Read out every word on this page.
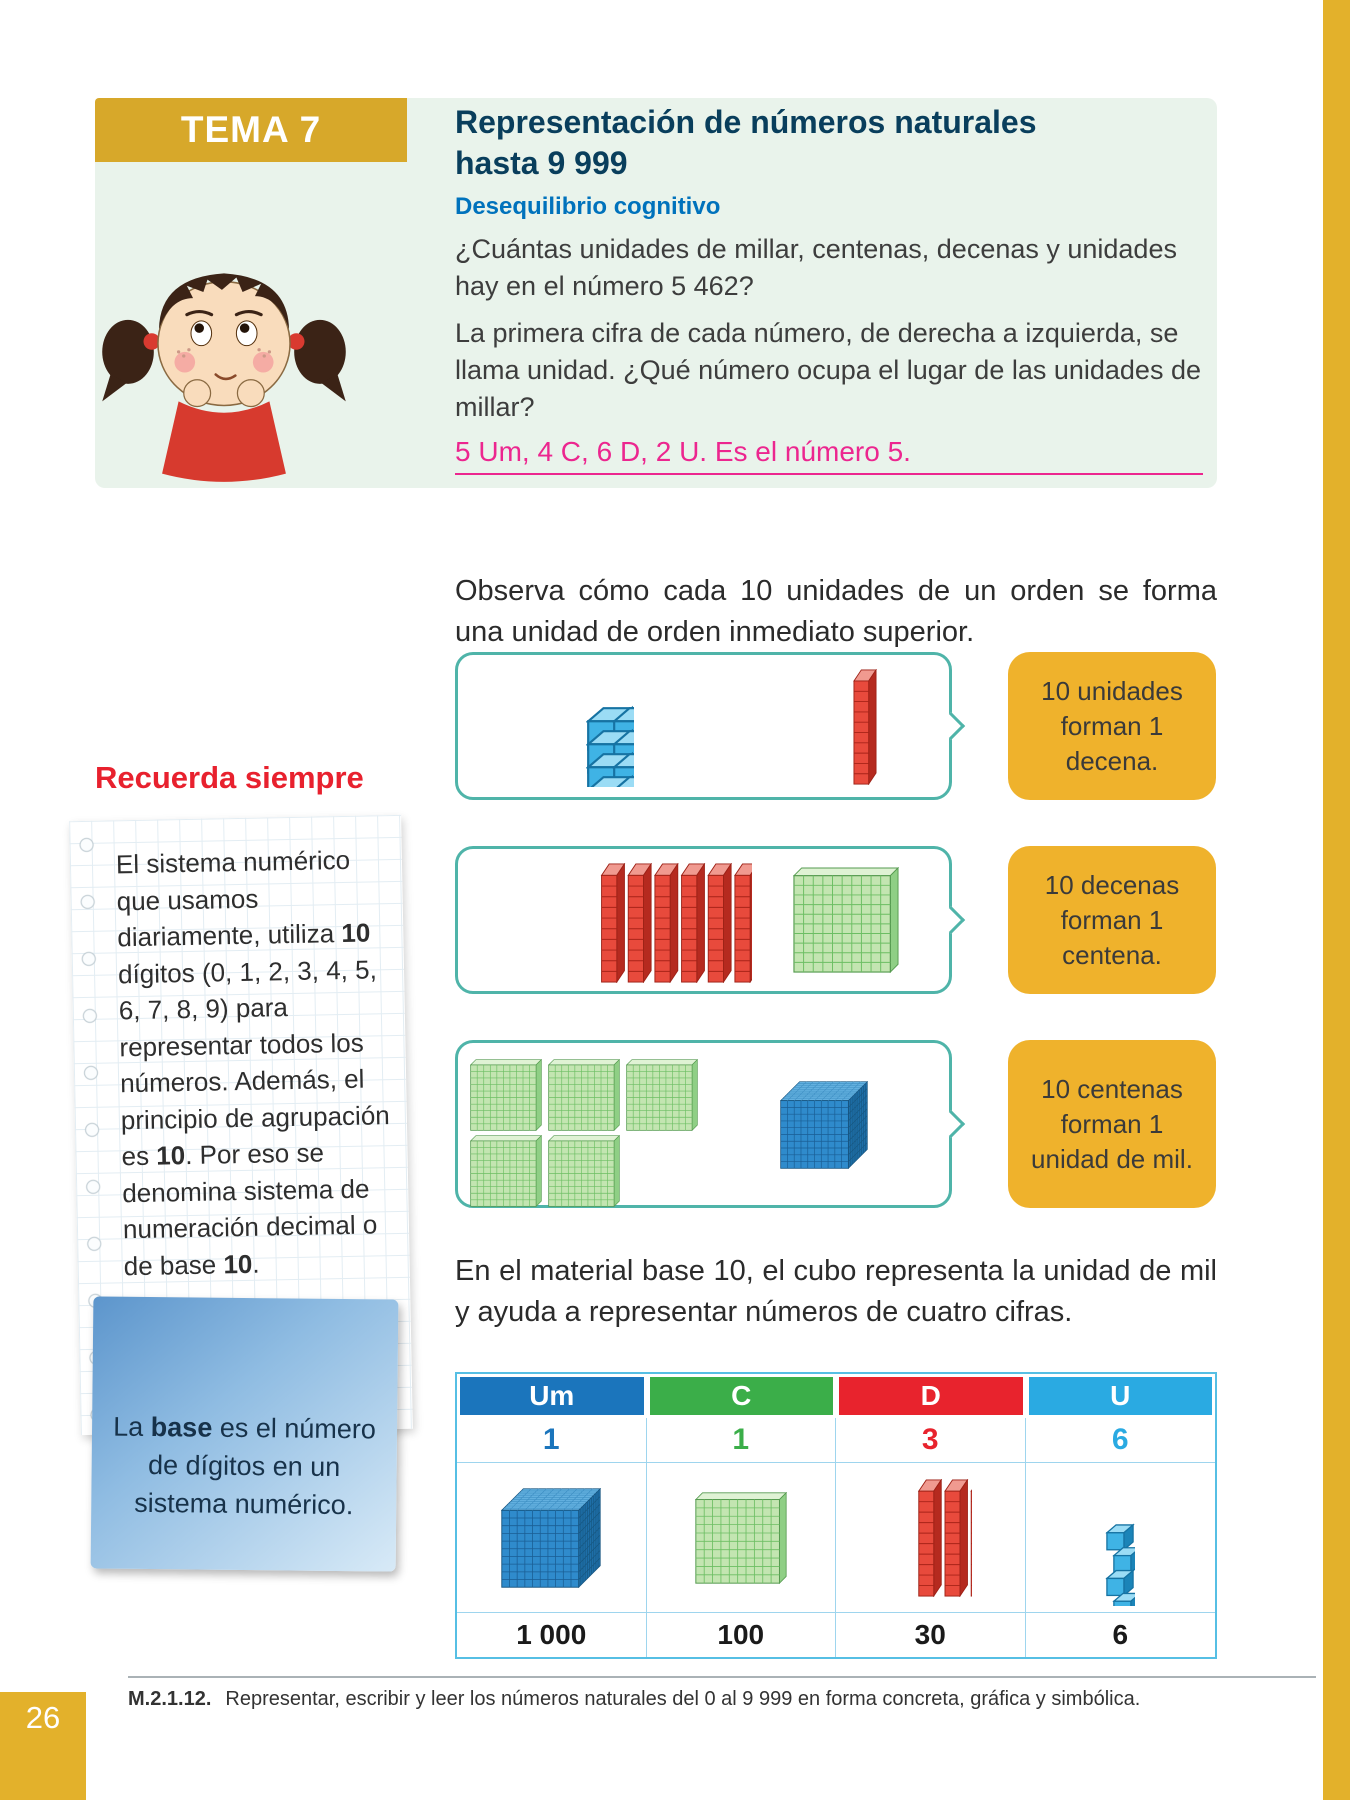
TEMA 7	Representación de números naturales
hasta 9 999
Desequilibrio cognitivo
¿Cuántas unidades de millar, centenas, decenas y unidades hay en el número 5 462?
La primera cifra de cada número, de derecha a izquierda, se llama unidad. ¿Qué número ocupa el lugar de las unidades de millar?
5 Um, 4 C, 6 D, 2 U. Es el número 5.

Observa cómo cada 10 unidades de un orden se forma una unidad de orden inmediato superior.

10 unidades forman 1 decena.
10 decenas forman 1 centena.
10 centenas forman 1 unidad de mil.
Recuerda siempre

El sistema numérico que usamos diariamente, utiliza 10 dígitos (0, 1, 2, 3, 4, 5, 6, 7, 8, 9) para representar todos los números. Además, el principio de agrupación es 10. Por eso se denomina sistema de numeración decimal o de base 10.

La base es el número de dígitos en un sistema numérico.

En el material base 10, el cubo representa la unidad de mil y ayuda a representar números de cuatro cifras.

Um	C	D	U
1	1	3	6
1 000	100	30	6
M.2.1.12. Representar, escribir y leer los números naturales del 0 al 9 999 en forma concreta, gráfica y simbólica.
26
